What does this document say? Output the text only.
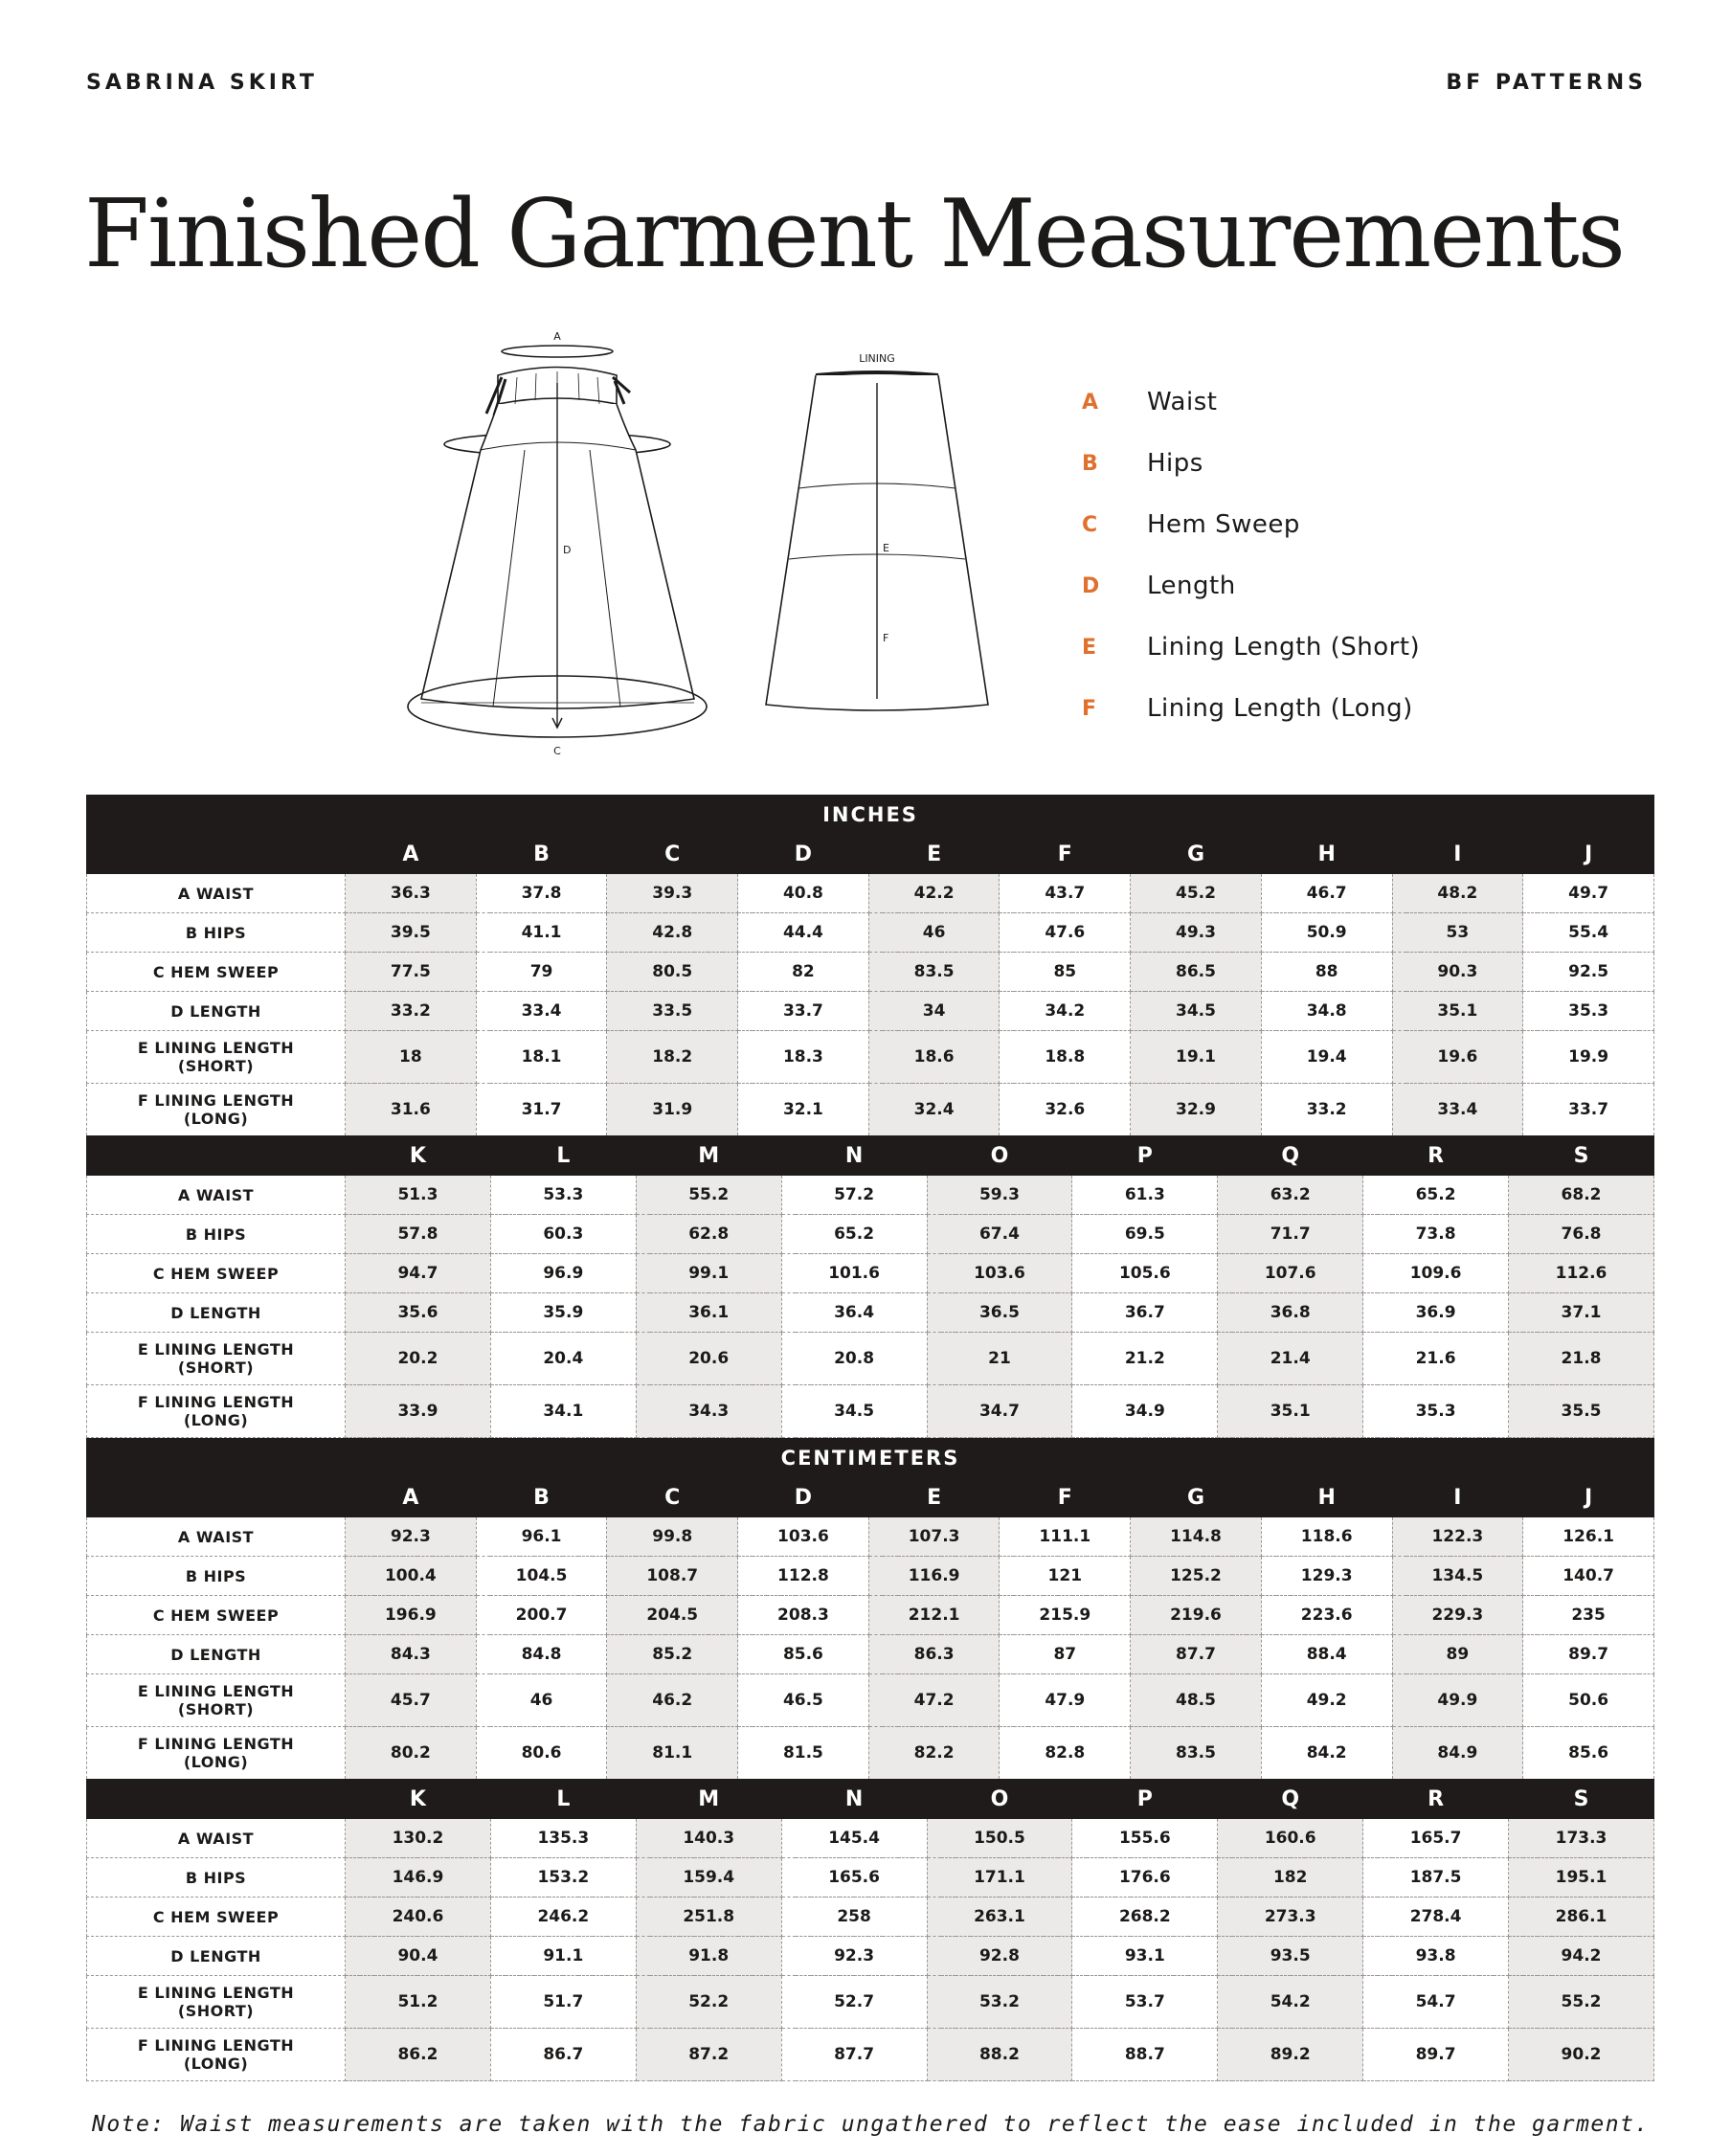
SABRINA SKIRT	BF PATTERNS
Finished Garment Measurements
A
D
C
LINING
E
F
A	Waist
B	Hips
C	Hem Sweep
D	Length
E	Lining Length (Short)
F	Lining Length (Long)

INCHES
	A	B	C	D	E	F	G	H	I	J
A WAIST	36.3	37.8	39.3	40.8	42.2	43.7	45.2	46.7	48.2	49.7
B HIPS	39.5	41.1	42.8	44.4	46	47.6	49.3	50.9	53	55.4
C HEM SWEEP	77.5	79	80.5	82	83.5	85	86.5	88	90.3	92.5
D LENGTH	33.2	33.4	33.5	33.7	34	34.2	34.5	34.8	35.1	35.3
E LINING LENGTH
(SHORT)	18	18.1	18.2	18.3	18.6	18.8	19.1	19.4	19.6	19.9
F LINING LENGTH
(LONG)	31.6	31.7	31.9	32.1	32.4	32.6	32.9	33.2	33.4	33.7
	K	L	M	N	O	P	Q	R	S
A WAIST	51.3	53.3	55.2	57.2	59.3	61.3	63.2	65.2	68.2
B HIPS	57.8	60.3	62.8	65.2	67.4	69.5	71.7	73.8	76.8
C HEM SWEEP	94.7	96.9	99.1	101.6	103.6	105.6	107.6	109.6	112.6
D LENGTH	35.6	35.9	36.1	36.4	36.5	36.7	36.8	36.9	37.1
E LINING LENGTH
(SHORT)	20.2	20.4	20.6	20.8	21	21.2	21.4	21.6	21.8
F LINING LENGTH
(LONG)	33.9	34.1	34.3	34.5	34.7	34.9	35.1	35.3	35.5

CENTIMETERS
	A	B	C	D	E	F	G	H	I	J
A WAIST	92.3	96.1	99.8	103.6	107.3	111.1	114.8	118.6	122.3	126.1
B HIPS	100.4	104.5	108.7	112.8	116.9	121	125.2	129.3	134.5	140.7
C HEM SWEEP	196.9	200.7	204.5	208.3	212.1	215.9	219.6	223.6	229.3	235
D LENGTH	84.3	84.8	85.2	85.6	86.3	87	87.7	88.4	89	89.7
E LINING LENGTH
(SHORT)	45.7	46	46.2	46.5	47.2	47.9	48.5	49.2	49.9	50.6
F LINING LENGTH
(LONG)	80.2	80.6	81.1	81.5	82.2	82.8	83.5	84.2	84.9	85.6
	K	L	M	N	O	P	Q	R	S
A WAIST	130.2	135.3	140.3	145.4	150.5	155.6	160.6	165.7	173.3
B HIPS	146.9	153.2	159.4	165.6	171.1	176.6	182	187.5	195.1
C HEM SWEEP	240.6	246.2	251.8	258	263.1	268.2	273.3	278.4	286.1
D LENGTH	90.4	91.1	91.8	92.3	92.8	93.1	93.5	93.8	94.2
E LINING LENGTH
(SHORT)	51.2	51.7	52.2	52.7	53.2	53.7	54.2	54.7	55.2
F LINING LENGTH
(LONG)	86.2	86.7	87.2	87.7	88.2	88.7	89.2	89.7	90.2
Note: Waist measurements are taken with the fabric ungathered to reflect the ease included in the garment.
